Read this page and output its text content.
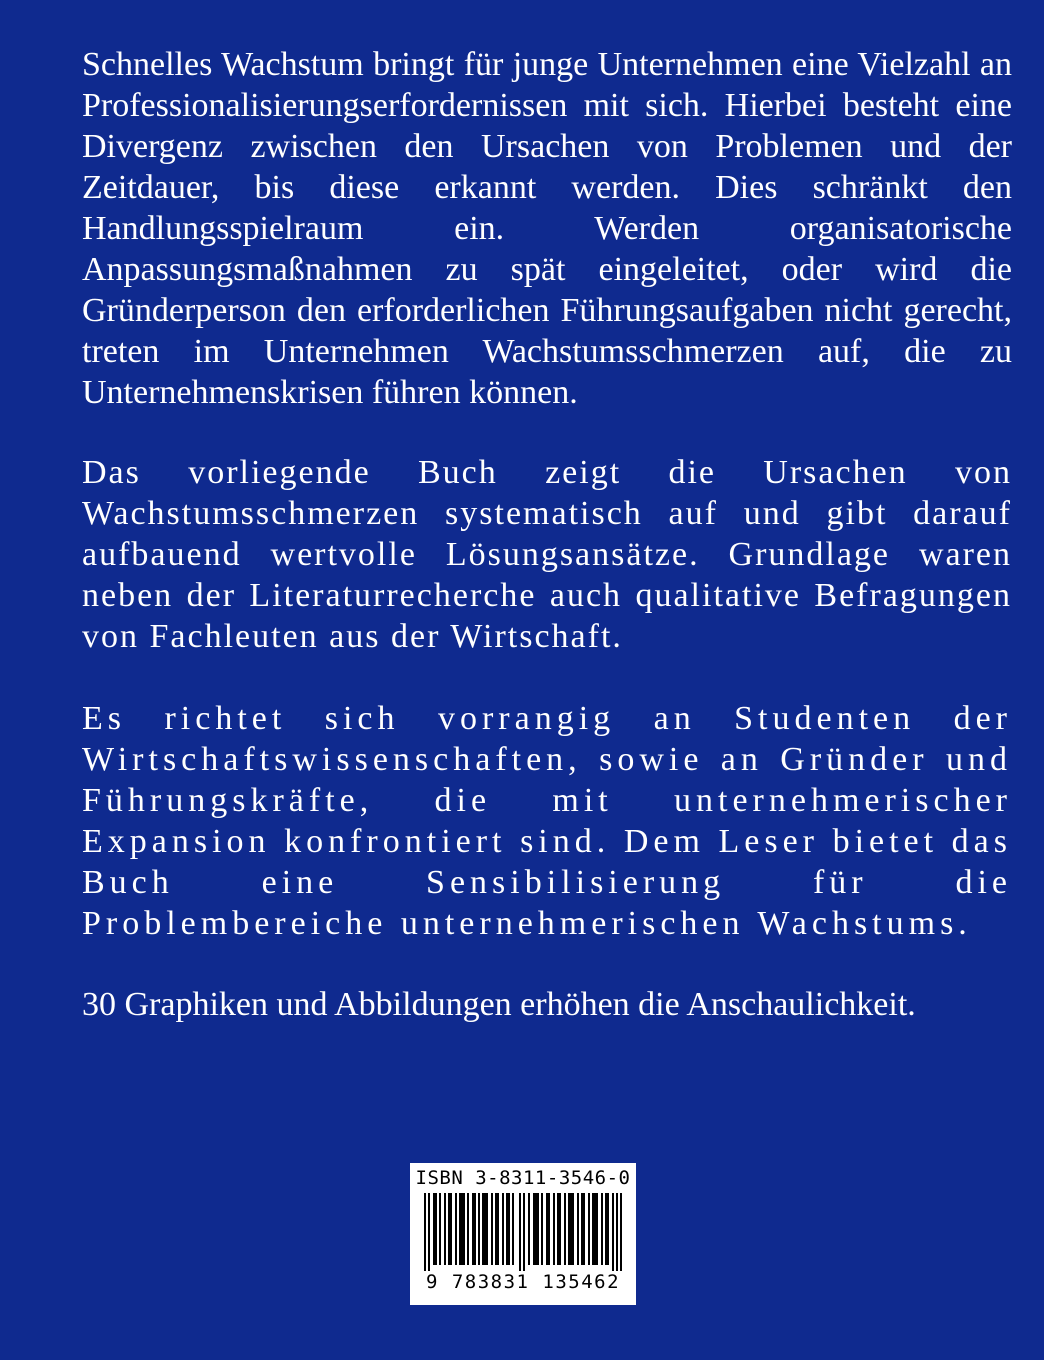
Schnelles Wachstum bringt für junge Unternehmen eine Vielzahl an Professionalisierungserfordernissen mit sich. Hierbei besteht eine Divergenz zwischen den Ursachen von Problemen und der Zeitdauer, bis diese erkannt werden. Dies schränkt den Handlungsspielraum ein. Werden organisatorische Anpassungsmaßnahmen zu spät eingeleitet, oder wird die Gründerperson den erforderlichen Führungsaufgaben nicht gerecht, treten im Unternehmen Wachstumsschmerzen auf, die zu Unternehmenskrisen führen können.

Das vorliegende Buch zeigt die Ursachen von Wachstumsschmerzen systematisch auf und gibt darauf aufbauend wertvolle Lösungsansätze. Grundlage waren neben der Literaturrecherche auch qualitative Befragungen von Fachleuten aus der Wirtschaft.

Es richtet sich vorrangig an Studenten der Wirtschaftswissenschaften, sowie an Gründer und Führungskräfte, die mit unternehmerischer Expansion konfrontiert sind. Dem Leser bietet das Buch eine Sensibilisierung für die Problembereiche unternehmerischen Wachstums.

30 Graphiken und Abbildungen erhöhen die Anschaulichkeit.

ISBN 3-8311-3546-0
9 783831 135462
